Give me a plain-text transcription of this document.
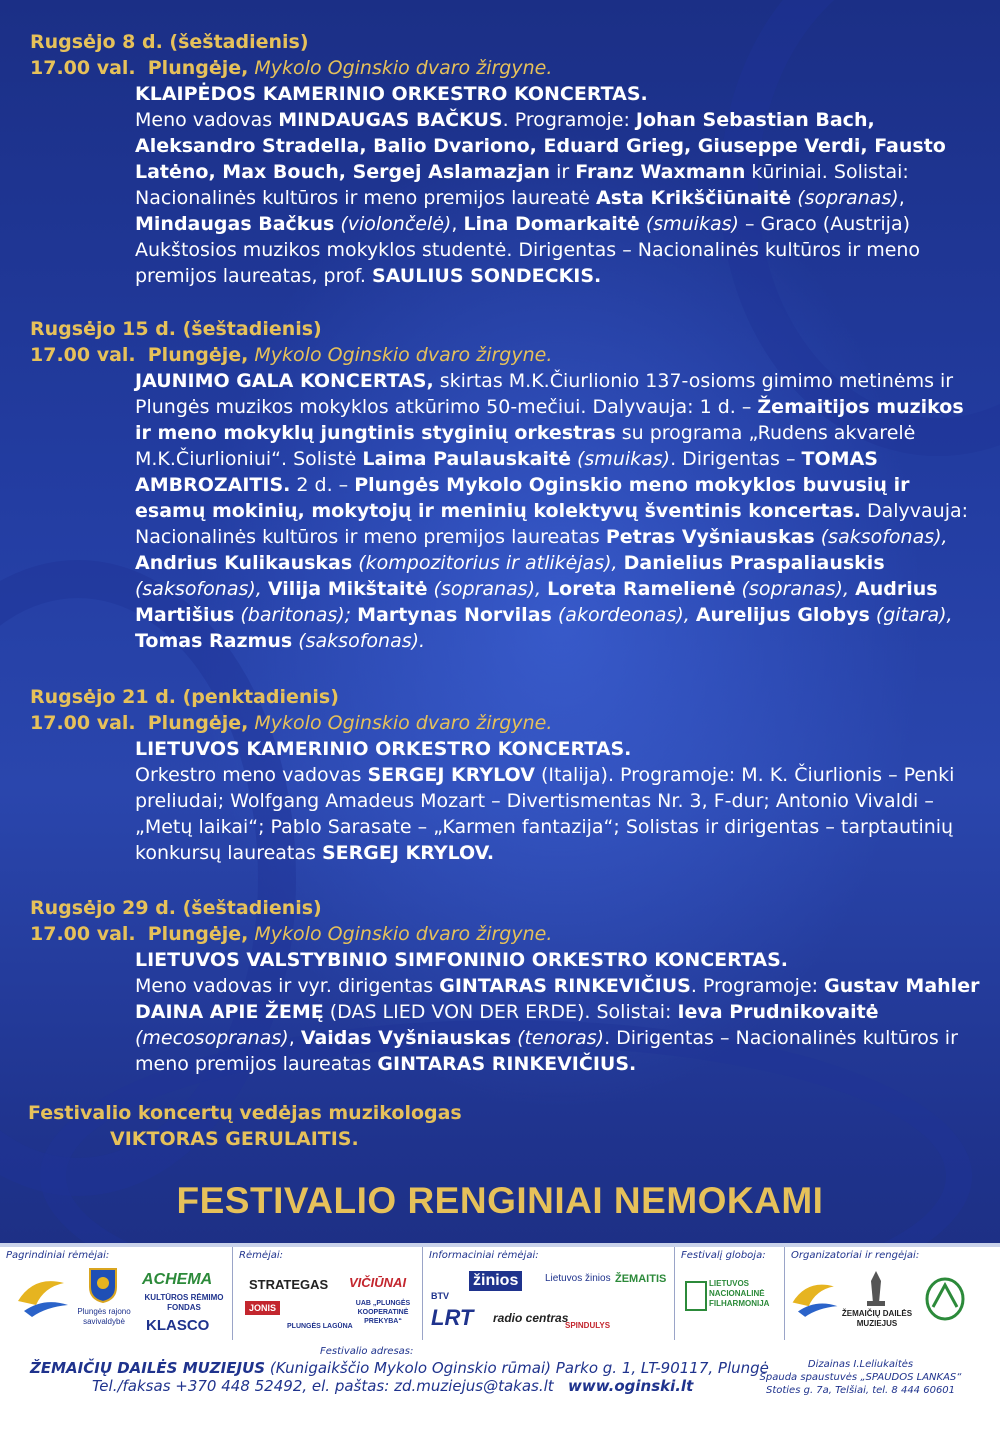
Rugsėjo 8 d. (šeštadienis)
17.00 val. Plungėje, Mykolo Oginskio dvaro žirgyne.

KLAIPĖDOS KAMERINIO ORKESTRO KONCERTAS.

Meno vadovas MINDAUGAS BAČKUS. Programoje: Johan Sebastian Bach, Aleksandro Stradella, Balio Dvariono, Eduard Grieg, Giuseppe Verdi, Fausto Latėno, Max Bouch, Sergej Aslamazjan ir Franz Waxmann kūriniai. Solistai: Nacionalinės kultūros ir meno premijos laureatė Asta Krikščiūnaitė (sopranas), Mindaugas Bačkus (violončelė), Lina Domarkaitė (smuikas) – Graco (Austrija) Aukštosios muzikos mokyklos studentė. Dirigentas – Nacionalinės kultūros ir meno premijos laureatas, prof. SAULIUS SONDECKIS.

Rugsėjo 15 d. (šeštadienis)
17.00 val. Plungėje, Mykolo Oginskio dvaro žirgyne.

JAUNIMO GALA KONCERTAS, skirtas M.K.Čiurlionio 137-osioms gimimo metinėms ir Plungės muzikos mokyklos atkūrimo 50-mečiui. Dalyvauja: 1 d. – Žemaitijos muzikos ir meno mokyklų jungtinis styginių orkestras su programa „Rudens akvarelė M.K.Čiurlioniui“. Solistė Laima Paulauskaitė (smuikas). Dirigentas – TOMAS AMBROZAITIS. 2 d. – Plungės Mykolo Oginskio meno mokyklos buvusių ir esamų mokinių, mokytojų ir meninių kolektyvų šventinis koncertas. Dalyvauja: Nacionalinės kultūros ir meno premijos laureatas Petras Vyšniauskas (saksofonas), Andrius Kulikauskas (kompozitorius ir atlikėjas), Danielius Praspaliauskis (saksofonas), Vilija Mikštaitė (sopranas), Loreta Ramelienė (sopranas), Audrius Martišius (baritonas); Martynas Norvilas (akordeonas), Aurelijus Globys (gitara), Tomas Razmus (saksofonas).

Rugsėjo 21 d. (penktadienis)
17.00 val. Plungėje, Mykolo Oginskio dvaro žirgyne.

LIETUVOS KAMERINIO ORKESTRO KONCERTAS.

Orkestro meno vadovas SERGEJ KRYLOV (Italija). Programoje: M. K. Čiurlionis – Penki preliudai; Wolfgang Amadeus Mozart – Divertismentas Nr. 3, F-dur; Antonio Vivaldi – „Metų laikai“; Pablo Sarasate – „Karmen fantazija“; Solistas ir dirigentas – tarptautinių konkursų laureatas SERGEJ KRYLOV.

Rugsėjo 29 d. (šeštadienis)
17.00 val. Plungėje, Mykolo Oginskio dvaro žirgyne.

LIETUVOS VALSTYBINIO SIMFONINIO ORKESTRO KONCERTAS.

Meno vadovas ir vyr. dirigentas GINTARAS RINKEVIČIUS. Programoje: Gustav Mahler DAINA APIE ŽEMĘ (DAS LIED VON DER ERDE). Solistai: Ieva Prudnikovaitė (mecosopranas), Vaidas Vyšniauskas (tenoras). Dirigentas – Nacionalinės kultūros ir meno premijos laureatas GINTARAS RINKEVIČIUS.

Festivalio koncertų vedėjas muzikologas
VIKTORAS GERULAITIS.
FESTIVALIO RENGINIAI NEMOKAMI
Pagrindiniai rėmėjai:
Plungės rajono savivaldybė
ACHEMA
KULTŪROS RĖMIMO FONDAS
KLASCO
Rėmėjai:
STRATEGAS VIČIŪNAI
JONIS
PLUNGĖS LAGŪNA
UAB „PLUNGĖS KOOPERATINĖ PREKYBA“
Informaciniai rėmėjai:
BTV
žinios	Lietuvos žinios ŽEMAITIS
LRT radio centras
SPINDULYS
Festivalį globoja:
LIETUVOS NACIONALINĖ FILHARMONIJA
Organizatoriai ir rengėjai:
ŽEMAIČIŲ DAILĖS MUZIEJUS
Festivalio adresas:
ŽEMAIČIŲ DAILĖS MUZIEJUS (Kunigaikščio Mykolo Oginskio rūmai) Parko g. 1, LT-90117, Plungė
Tel./faksas +370 448 52492, el. paštas: zd.muziejus@takas.lt www.oginski.lt
Dizainas I.Leliukaitės
Spauda spaustuvės „SPAUDOS LANKAS“
Stoties g. 7a, Telšiai, tel. 8 444 60601
